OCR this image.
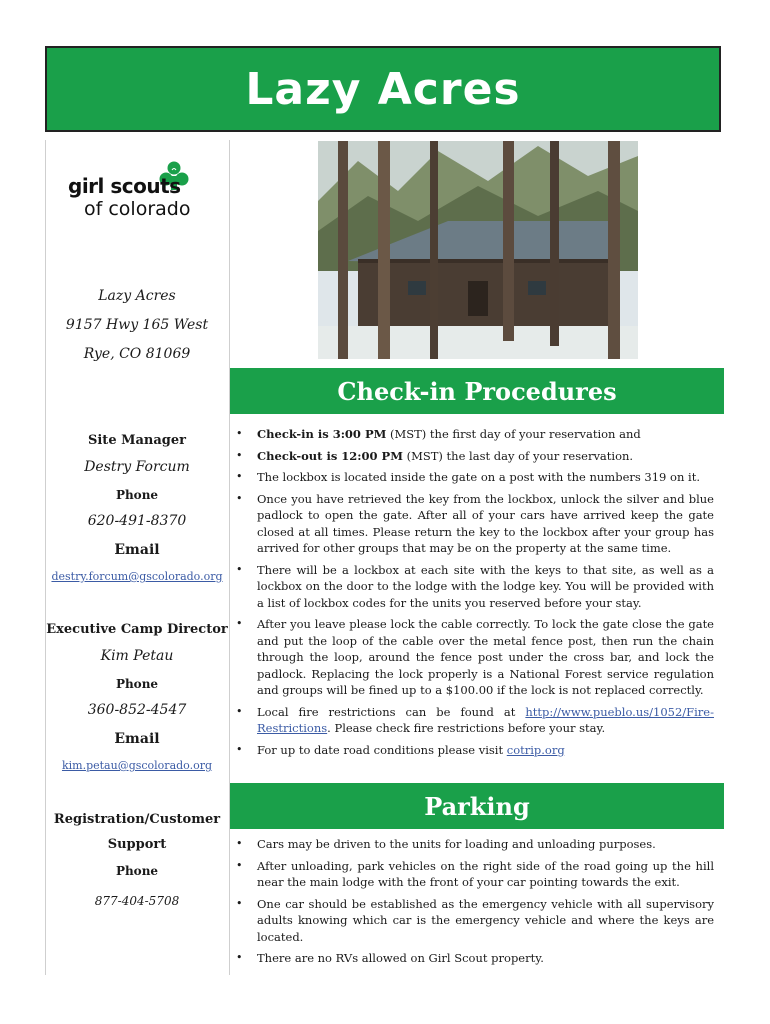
Lazy Acres
girl scouts
of colorado
Lazy Acres
9157 Hwy 165 West
Rye, CO 81069
Site Manager
Destry Forcum
Phone
620-491-8370
Email
destry.forcum@gscolorado.org
Executive Camp Director
Kim Petau
Phone
360-852-4547
Email
kim.petau@gscolorado.org
Registration/Customer
Support
Phone
877-404-5708
Check-in Procedures
• Check-in is 3:00 PM (MST) the first day of your reservation and
• Check-out is 12:00 PM (MST) the last day of your reservation.
• The lockbox is located inside the gate on a post with the numbers 319 on it.
• Once you have retrieved the key from the lockbox, unlock the silver and blue padlock to open the gate. After all of your cars have arrived keep the gate closed at all times. Please return the key to the lockbox after your group has arrived for other groups that may be on the property at the same time.
• There will be a lockbox at each site with the keys to that site, as well as a lockbox on the door to the lodge with the lodge key. You will be provided with a list of lockbox codes for the units you reserved before your stay.
• After you leave please lock the cable correctly. To lock the gate close the gate and put the loop of the cable over the metal fence post, then run the chain through the loop, around the fence post under the cross bar, and lock the padlock. Replacing the lock properly is a National Forest service regulation and groups will be fined up to a $100.00 if the lock is not replaced correctly.
• Local fire restrictions can be found at http://www.pueblo.us/1052/Fire-Restrictions. Please check fire restrictions before your stay.
• For up to date road conditions please visit cotrip.org
Parking
• Cars may be driven to the units for loading and unloading purposes.
• After unloading, park vehicles on the right side of the road going up the hill near the main lodge with the front of your car pointing towards the exit.
• One car should be established as the emergency vehicle with all supervisory adults knowing which car is the emergency vehicle and where the keys are located.
• There are no RVs allowed on Girl Scout property.
